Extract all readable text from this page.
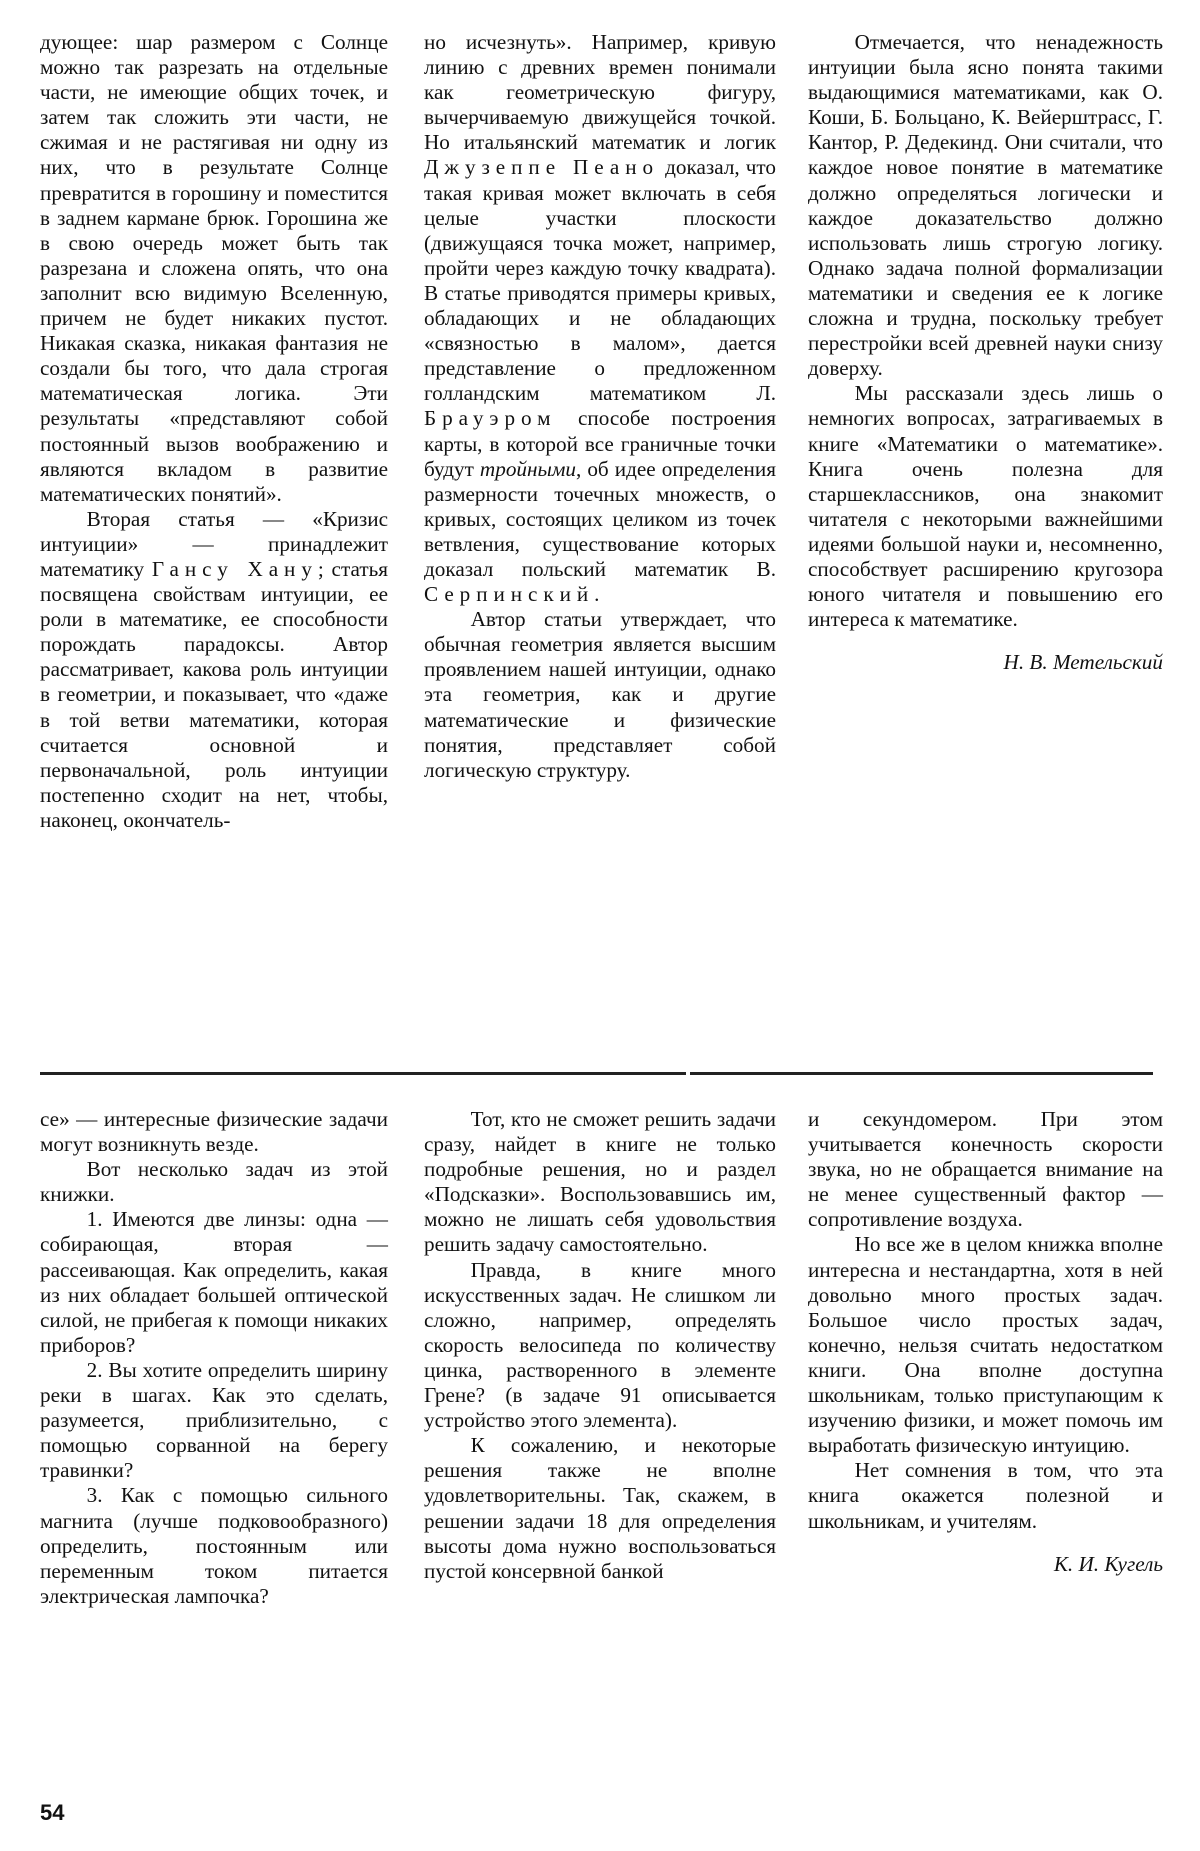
дующее: шар размером с Солнце можно так разрезать на отдельные части, не имеющие общих точек, и затем так сложить эти части, не сжимая и не растягивая ни одну из них, что в результате Солнце превратится в горошину и поместится в заднем кармане брюк. Горошина же в свою очередь может быть так разрезана и сложена опять, что она заполнит всю видимую Вселенную, причем не будет никаких пустот. Никакая сказка, никакая фантазия не создали бы того, что дала строгая математическая логика. Эти результаты «представляют собой постоянный вызов воображению и являются вкладом в развитие математических понятий».

Вторая статья — «Кризис интуиции» — принадлежит математику Гансу Хану; статья посвящена свойствам интуиции, ее роли в математике, ее способности порождать парадоксы. Автор рассматривает, какова роль интуиции в геометрии, и показывает, что «даже в той ветви математики, которая считается основной и первоначальной, роль интуиции постепенно сходит на нет, чтобы, наконец, окончатель-

но исчезнуть». Например, кривую линию с древних времен понимали как геометрическую фигуру, вычерчиваемую движущейся точкой. Но итальянский математик и логик Джузеппе Пеано доказал, что такая кривая может включать в себя целые участки плоскости (движущаяся точка может, например, пройти через каждую точку квадрата). В статье приводятся примеры кривых, обладающих и не обладающих «связностью в малом», дается представление о предложенном голландским математиком Л. Брауэром способе построения карты, в которой все граничные точки будут тройными, об идее определения размерности точечных множеств, о кривых, состоящих целиком из точек ветвления, существование которых доказал польский математик В. Серпинский.

Автор статьи утверждает, что обычная геометрия является высшим проявлением нашей интуиции, однако эта геометрия, как и другие математические и физические понятия, представляет собой логическую структуру.

Отмечается, что ненадежность интуиции была ясно понята такими выдающимися математиками, как О. Коши, Б. Больцано, К. Вейерштрасс, Г. Кантор, Р. Дедекинд. Они считали, что каждое новое понятие в математике должно определяться логически и каждое доказательство должно использовать лишь строгую логику. Однако задача полной формализации математики и сведения ее к логике сложна и трудна, поскольку требует перестройки всей древней науки снизу доверху.

Мы рассказали здесь лишь о немногих вопросах, затрагиваемых в книге «Математики о математике». Книга очень полезна для старшеклассников, она знакомит читателя с некоторыми важнейшими идеями большой науки и, несомненно, способствует расширению кругозора юного читателя и повышению его интереса к математике.

Н. В. Метельский

се» — интересные физические задачи могут возникнуть везде.

Вот несколько задач из этой книжки.

1. Имеются две линзы: одна — собирающая, вторая — рассеивающая. Как определить, какая из них обладает большей оптической силой, не прибегая к помощи никаких приборов?

2. Вы хотите определить ширину реки в шагах. Как это сделать, разумеется, приблизительно, с помощью сорванной на берегу травинки?

3. Как с помощью сильного магнита (лучше подковообразного) определить, постоянным или переменным током питается электрическая лампочка?

Тот, кто не сможет решить задачи сразу, найдет в книге не только подробные решения, но и раздел «Подсказки». Воспользовавшись им, можно не лишать себя удовольствия решить задачу самостоятельно.

Правда, в книге много искусственных задач. Не слишком ли сложно, например, определять скорость велосипеда по количеству цинка, растворенного в элементе Грене? (в задаче 91 описывается устройство этого элемента).

К сожалению, и некоторые решения также не вполне удовлетворительны. Так, скажем, в решении задачи 18 для определения высоты дома нужно воспользоваться пустой консервной банкой

и секундомером. При этом учитывается конечность скорости звука, но не обращается внимание на не менее существенный фактор — сопротивление воздуха.

Но все же в целом книжка вполне интересна и нестандартна, хотя в ней довольно много простых задач. Большое число простых задач, конечно, нельзя считать недостатком книги. Она вполне доступна школьникам, только приступающим к изучению физики, и может помочь им выработать физическую интуицию.

Нет сомнения в том, что эта книга окажется полезной и школьникам, и учителям.

К. И. Кугель

54
